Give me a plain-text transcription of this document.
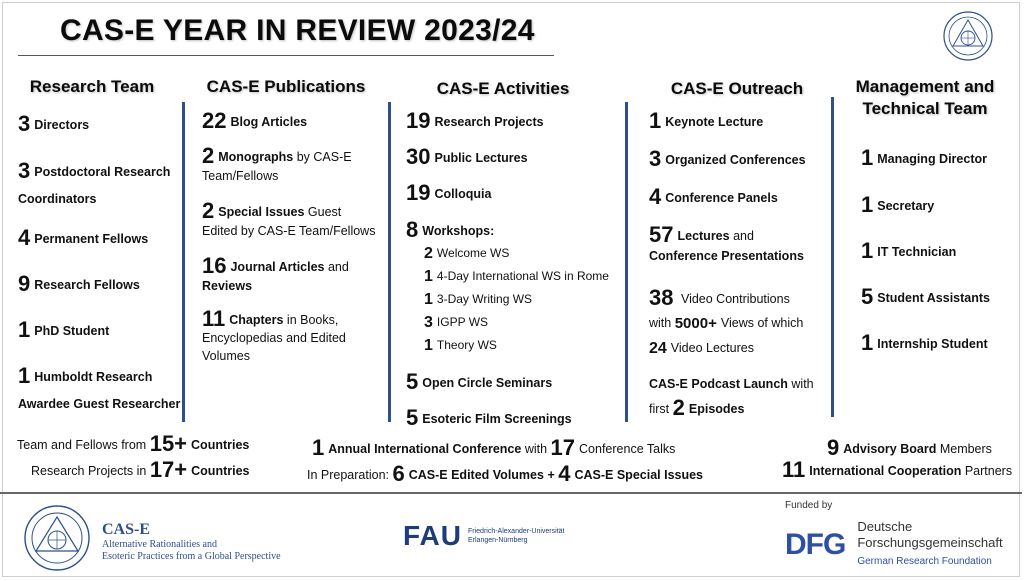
CAS-E YEAR IN REVIEW 2023/24
Research Team	CAS-E Publications	CAS-E Activities	CAS-E Outreach	Management and
Technical Team
3 Directors
3 Postdoctoral Research
Coordinators
4 Permanent Fellows
9 Research Fellows
1 PhD Student
1 Humboldt Research
Awardee Guest Researcher
22 Blog Articles
2 Monographs by CAS-E
Team/Fellows
2 Special Issues Guest
Edited by CAS-E Team/Fellows
16 Journal Articles and
Reviews
11 Chapters in Books,
Encyclopedias and Edited
Volumes
19 Research Projects
30 Public Lectures
19 Colloquia
8 Workshops:
2 Welcome WS
1 4-Day International WS in Rome
1 3-Day Writing WS
3 IGPP WS
1 Theory WS
5 Open Circle Seminars
5 Esoteric Film Screenings
1 Keynote Lecture
3 Organized Conferences
4 Conference Panels
57 Lectures and
Conference Presentations
38 Video Contributions
with 5000+ Views of which
24 Video Lectures
CAS-E Podcast Launch with
first 2 Episodes
1 Managing Director
1 Secretary
1 IT Technician
5 Student Assistants
1 Internship Student
Team and Fellows from 15+ Countries
Research Projects in 17+ Countries
1 Annual International Conference with 17 Conference Talks
In Preparation: 6 CAS-E Edited Volumes + 4 CAS-E Special Issues
9 Advisory Board Members
11 International Cooperation Partners
CAS-E
Alternative Rationalities and
Esoteric Practices from a Global Perspective
FAU Friedrich-Alexander-Universität
Erlangen-Nürnberg
Funded by
DFG
Deutsche
Forschungsgemeinschaft
German Research Foundation
